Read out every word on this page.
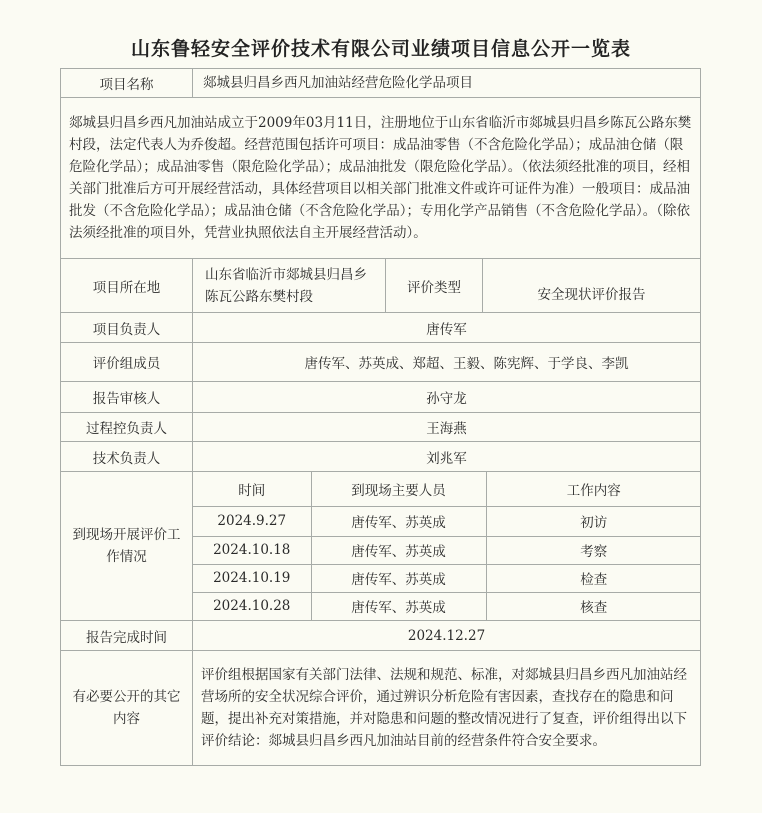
山东鲁轻安全评价技术有限公司业绩项目信息公开一览表
项目名称	郯城县归昌乡西凡加油站经营危险化学品项目
郯城县归昌乡西凡加油站成立于2009年03月11日，注册地位于山东省临沂市郯城县归昌乡陈瓦公路东樊村段，法定代表人为乔俊超。经营范围包括许可项目：成品油零售（不含危险化学品）；成品油仓储（限危险化学品）；成品油零售（限危险化学品）；成品油批发（限危险化学品）。（依法须经批准的项目，经相关部门批准后方可开展经营活动，具体经营项目以相关部门批准文件或许可证件为准）一般项目：成品油批发（不含危险化学品）；成品油仓储（不含危险化学品）；专用化学产品销售（不含危险化学品）。（除依法须经批准的项目外，凭营业执照依法自主开展经营活动）。
项目所在地	山东省临沂市郯城县归昌乡陈瓦公路东樊村段	评价类型	安全现状评价报告
项目负责人	唐传军
评价组成员	唐传军、苏英成、郑超、王毅、陈宪辉、于学良、李凯
报告审核人	孙守龙
过程控负责人	王海燕
技术负责人	刘兆军
到现场开展评价工作情况	
时间	到现场主要人员	工作内容
2024.9.27	唐传军、苏英成	初访
2024.10.18	唐传军、苏英成	考察
2024.10.19	唐传军、苏英成	检查
2024.10.28	唐传军、苏英成	核查

报告完成时间	2024.12.27
有必要公开的其它内容	评价组根据国家有关部门法律、法规和规范、标准，对郯城县归昌乡西凡加油站经营场所的安全状况综合评价，通过辨识分析危险有害因素，查找存在的隐患和问题，提出补充对策措施，并对隐患和问题的整改情况进行了复查，评价组得出以下评价结论：郯城县归昌乡西凡加油站目前的经营条件符合安全要求。
